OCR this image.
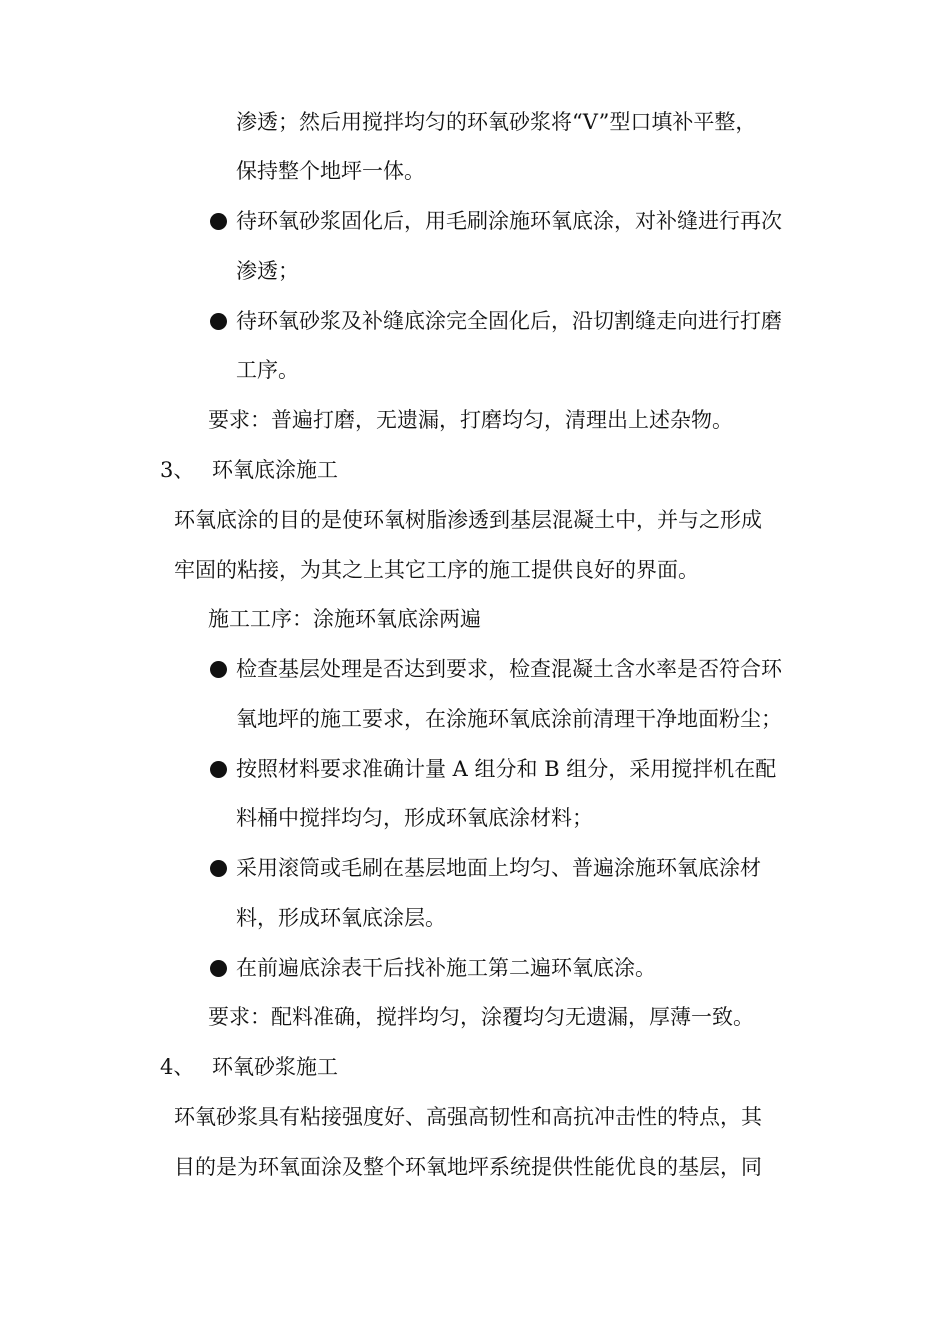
渗透；然后用搅拌均匀的环氧砂浆将“V”型口填补平整，
保持整个地坪一体。
待环氧砂浆固化后，用毛刷涂施环氧底涂，对补缝进行再次
渗透；
待环氧砂浆及补缝底涂完全固化后，沿切割缝走向进行打磨
工序。
要求：普遍打磨，无遗漏，打磨均匀，清理出上述杂物。
3、 环氧底涂施工
环氧底涂的目的是使环氧树脂渗透到基层混凝土中，并与之形成
牢固的粘接，为其之上其它工序的施工提供良好的界面。
施工工序：涂施环氧底涂两遍
检查基层处理是否达到要求，检查混凝土含水率是否符合环
氧地坪的施工要求，在涂施环氧底涂前清理干净地面粉尘；
按照材料要求准确计量 A 组分和 B 组分，采用搅拌机在配
料桶中搅拌均匀，形成环氧底涂材料；
采用滚筒或毛刷在基层地面上均匀、普遍涂施环氧底涂材
料，形成环氧底涂层。
在前遍底涂表干后找补施工第二遍环氧底涂。
要求：配料准确，搅拌均匀，涂覆均匀无遗漏，厚薄一致。
4、 环氧砂浆施工
环氧砂浆具有粘接强度好、高强高韧性和高抗冲击性的特点，其
目的是为环氧面涂及整个环氧地坪系统提供性能优良的基层，同
